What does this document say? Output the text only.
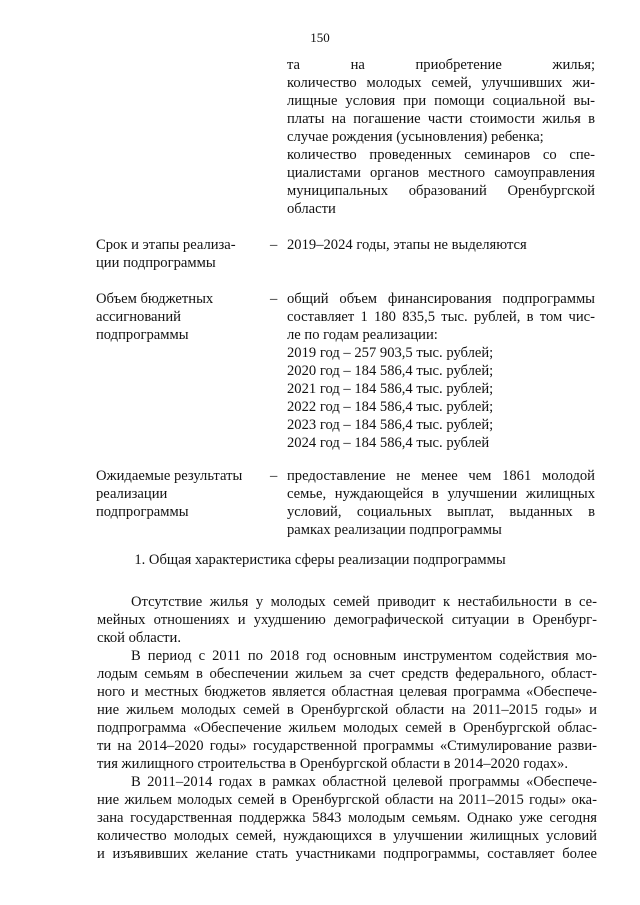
150
та на приобретение жилья;
количество молодых семей, улучшивших жи-
лищные условия при помощи социальной вы-
платы на погашение части стоимости жилья в
случае рождения (усыновления) ребенка;
количество проведенных семинаров со спе-
циалистами органов местного самоуправления
муниципальных образований Оренбургской
области
Срок и этапы реализа-
ции подпрограммы
– 2019–2024 годы, этапы не выделяются
Объем бюджетных
ассигнований
подпрограммы
– общий объем финансирования подпрограммы
составляет 1 180 835,5 тыс. рублей, в том чис-
ле по годам реализации:
2019 год – 257 903,5 тыс. рублей;
2020 год – 184 586,4 тыс. рублей;
2021 год – 184 586,4 тыс. рублей;
2022 год – 184 586,4 тыс. рублей;
2023 год – 184 586,4 тыс. рублей;
2024 год – 184 586,4 тыс. рублей
Ожидаемые результаты
реализации
подпрограммы
– предоставление не менее чем 1861 молодой
семье, нуждающейся в улучшении жилищных
условий, социальных выплат, выданных в
рамках реализации подпрограммы
1. Общая характеристика сферы реализации подпрограммы
Отсутствие жилья у молодых семей приводит к нестабильности в се-
мейных отношениях и ухудшению демографической ситуации в Оренбург-
ской области.
В период с 2011 по 2018 год основным инструментом содействия мо-
лодым семьям в обеспечении жильем за счет средств федерального, област-
ного и местных бюджетов является областная целевая программа «Обеспече-
ние жильем молодых семей в Оренбургской области на 2011–2015 годы» и
подпрограмма «Обеспечение жильем молодых семей в Оренбургской облас-
ти на 2014–2020 годы» государственной программы «Стимулирование разви-
тия жилищного строительства в Оренбургской области в 2014–2020 годах».
В 2011–2014 годах в рамках областной целевой программы «Обеспече-
ние жильем молодых семей в Оренбургской области на 2011–2015 годы» ока-
зана государственная поддержка 5843 молодым семьям. Однако уже сегодня
количество молодых семей, нуждающихся в улучшении жилищных условий
и изъявивших желание стать участниками подпрограммы, составляет более
